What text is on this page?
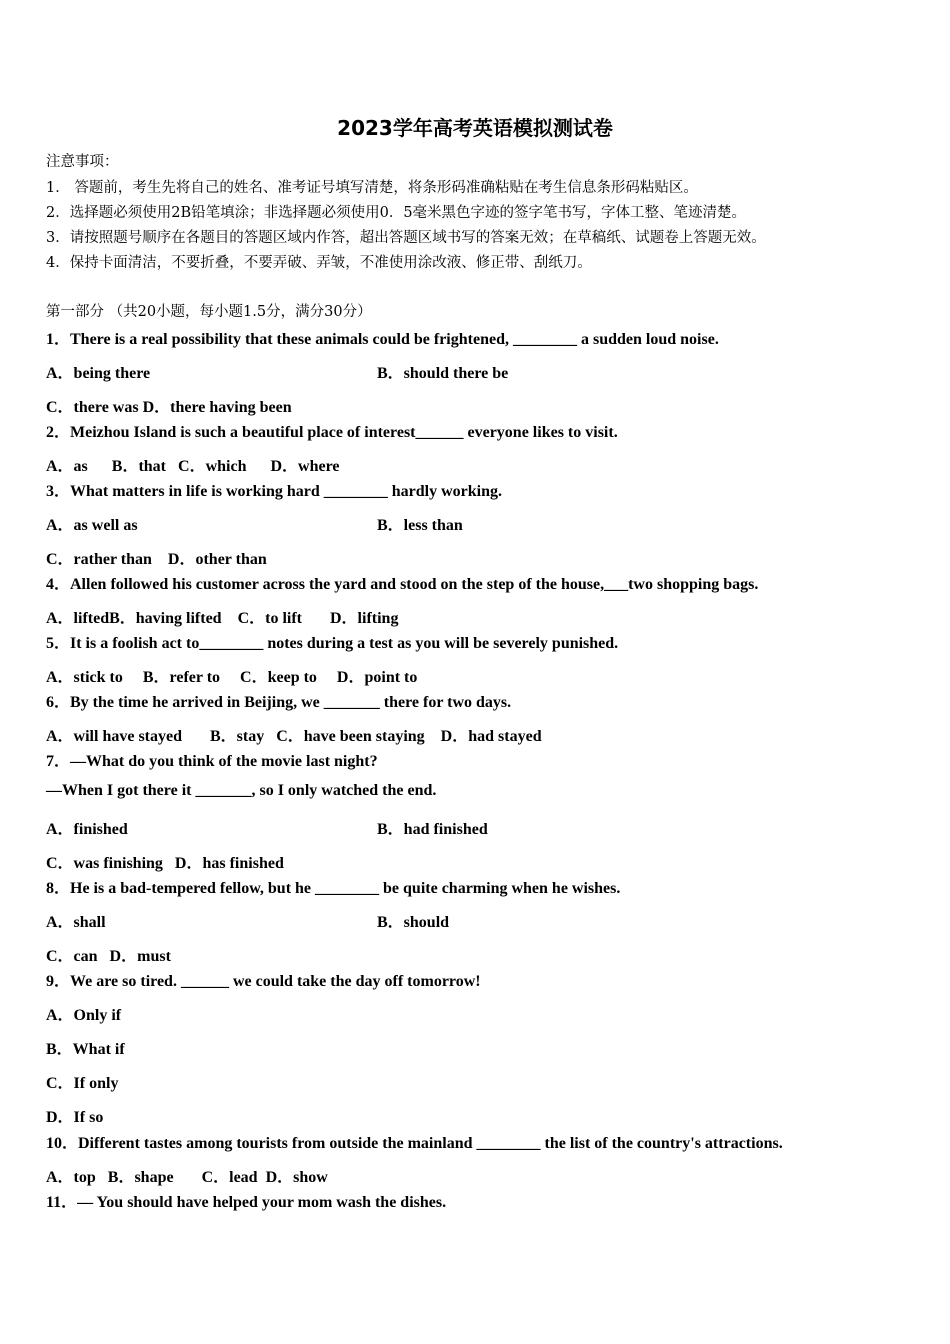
2023学年高考英语模拟测试卷
注意事项：
1． 答题前，考生先将自己的姓名、准考证号填写清楚，将条形码准确粘贴在考生信息条形码粘贴区。
2．选择题必须使用2B铅笔填涂；非选择题必须使用0．5毫米黑色字迹的签字笔书写，字体工整、笔迹清楚。
3．请按照题号顺序在各题目的答题区域内作答，超出答题区域书写的答案无效；在草稿纸、试题卷上答题无效。
4．保持卡面清洁，不要折叠，不要弄破、弄皱，不准使用涂改液、修正带、刮纸刀。
第一部分 （共20小题，每小题1.5分，满分30分）
1．There is a real possibility that these animals could be frightened, ________ a sudden loud noise.
A．being there	B．should there be
C．there was D．there having been
2．Meizhou Island is such a beautiful place of interest______ everyone likes to visit.
A．as      B．that   C．which      D．where
3．What matters in life is working hard ________ hardly working.
A．as well as	B．less than
C．rather than    D．other than
4．Allen followed his customer across the yard and stood on the step of the house,___two shopping bags.
A．liftedB．having lifted    C．to lift       D．lifting
5．It is a foolish act to________ notes during a test as you will be severely punished.
A．stick to     B．refer to     C．keep to     D．point to
6．By the time he arrived in Beijing, we _______ there for two days.
A．will have stayed       B．stay   C．have been staying    D．had stayed
7．—What do you think of the movie last night?
—When I got there it _______, so I only watched the end.
A．finished	B．had finished
C．was finishing   D．has finished
8．He is a bad-tempered fellow, but he ________ be quite charming when he wishes.
A．shall	B．should
C．can   D．must
9．We are so tired. ______ we could take the day off tomorrow!
A．Only if
B．What if
C．If only
D．If so
10．Different tastes among tourists from outside the mainland ________ the list of the country's attractions.
A．top   B．shape       C．lead  D．show
11．— You should have helped your mom wash the dishes.
